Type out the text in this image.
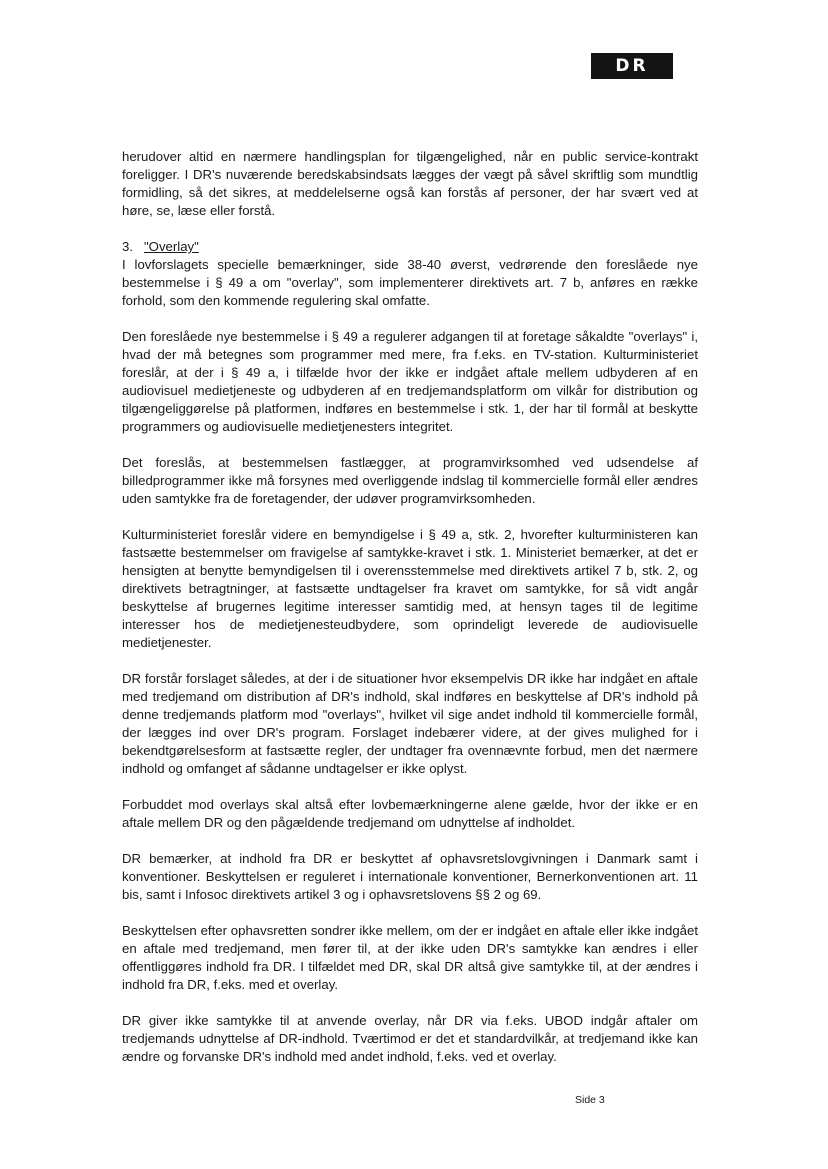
DR

herudover altid en nærmere handlingsplan for tilgængelighed, når en public service-kontrakt foreligger. I DR's nuværende beredskabsindsats lægges der vægt på såvel skriftlig som mundtlig formidling, så det sikres, at meddelelserne også kan forstås af personer, der har svært ved at høre, se, læse eller forstå.

3. "Overlay"

I lovforslagets specielle bemærkninger, side 38-40 øverst, vedrørende den foreslåede nye bestemmelse i § 49 a om "overlay", som implementerer direktivets art. 7 b, anføres en række forhold, som den kommende regulering skal omfatte.

Den foreslåede nye bestemmelse i § 49 a regulerer adgangen til at foretage såkaldte "overlays" i, hvad der må betegnes som programmer med mere, fra f.eks. en TV-station. Kulturministeriet foreslår, at der i § 49 a, i tilfælde hvor der ikke er indgået aftale mellem udbyderen af en audiovisuel medietjeneste og udbyderen af en tredjemandsplatform om vilkår for distribution og tilgængeliggørelse på platformen, indføres en bestemmelse i stk. 1, der har til formål at beskytte programmers og audiovisuelle medietjenesters integritet.

Det foreslås, at bestemmelsen fastlægger, at programvirksomhed ved udsendelse af billedprogrammer ikke må forsynes med overliggende indslag til kommercielle formål eller ændres uden samtykke fra de foretagender, der udøver programvirksomheden.

Kulturministeriet foreslår videre en bemyndigelse i § 49 a, stk. 2, hvorefter kulturministeren kan fastsætte bestemmelser om fravigelse af samtykke-kravet i stk. 1. Ministeriet bemærker, at det er hensigten at benytte bemyndigelsen til i overensstemmelse med direktivets artikel 7 b, stk. 2, og direktivets betragtninger, at fastsætte undtagelser fra kravet om samtykke, for så vidt angår beskyttelse af brugernes legitime interesser samtidig med, at hensyn tages til de legitime interesser hos de medietjenesteudbydere, som oprindeligt leverede de audiovisuelle medietjenester.

DR forstår forslaget således, at der i de situationer hvor eksempelvis DR ikke har indgået en aftale med tredjemand om distribution af DR's indhold, skal indføres en beskyttelse af DR's indhold på denne tredjemands platform mod "overlays", hvilket vil sige andet indhold til kommercielle formål, der lægges ind over DR's program. Forslaget indebærer videre, at der gives mulighed for i bekendtgørelsesform at fastsætte regler, der undtager fra ovennævnte forbud, men det nærmere indhold og omfanget af sådanne undtagelser er ikke oplyst.

Forbuddet mod overlays skal altså efter lovbemærkningerne alene gælde, hvor der ikke er en aftale mellem DR og den pågældende tredjemand om udnyttelse af indholdet.

DR bemærker, at indhold fra DR er beskyttet af ophavsretslovgivningen i Danmark samt i konventioner. Beskyttelsen er reguleret i internationale konventioner, Bernerkonventionen art. 11 bis, samt i Infosoc direktivets artikel 3 og i ophavsretslovens §§ 2 og 69.

Beskyttelsen efter ophavsretten sondrer ikke mellem, om der er indgået en aftale eller ikke indgået en aftale med tredjemand, men fører til, at der ikke uden DR's samtykke kan ændres i eller offentliggøres indhold fra DR. I tilfældet med DR, skal DR altså give samtykke til, at der ændres i indhold fra DR, f.eks. med et overlay.

DR giver ikke samtykke til at anvende overlay, når DR via f.eks. UBOD indgår aftaler om tredjemands udnyttelse af DR-indhold. Tværtimod er det et standardvilkår, at tredjemand ikke kan ændre og forvanske DR's indhold med andet indhold, f.eks. ved et overlay.

Side 3
